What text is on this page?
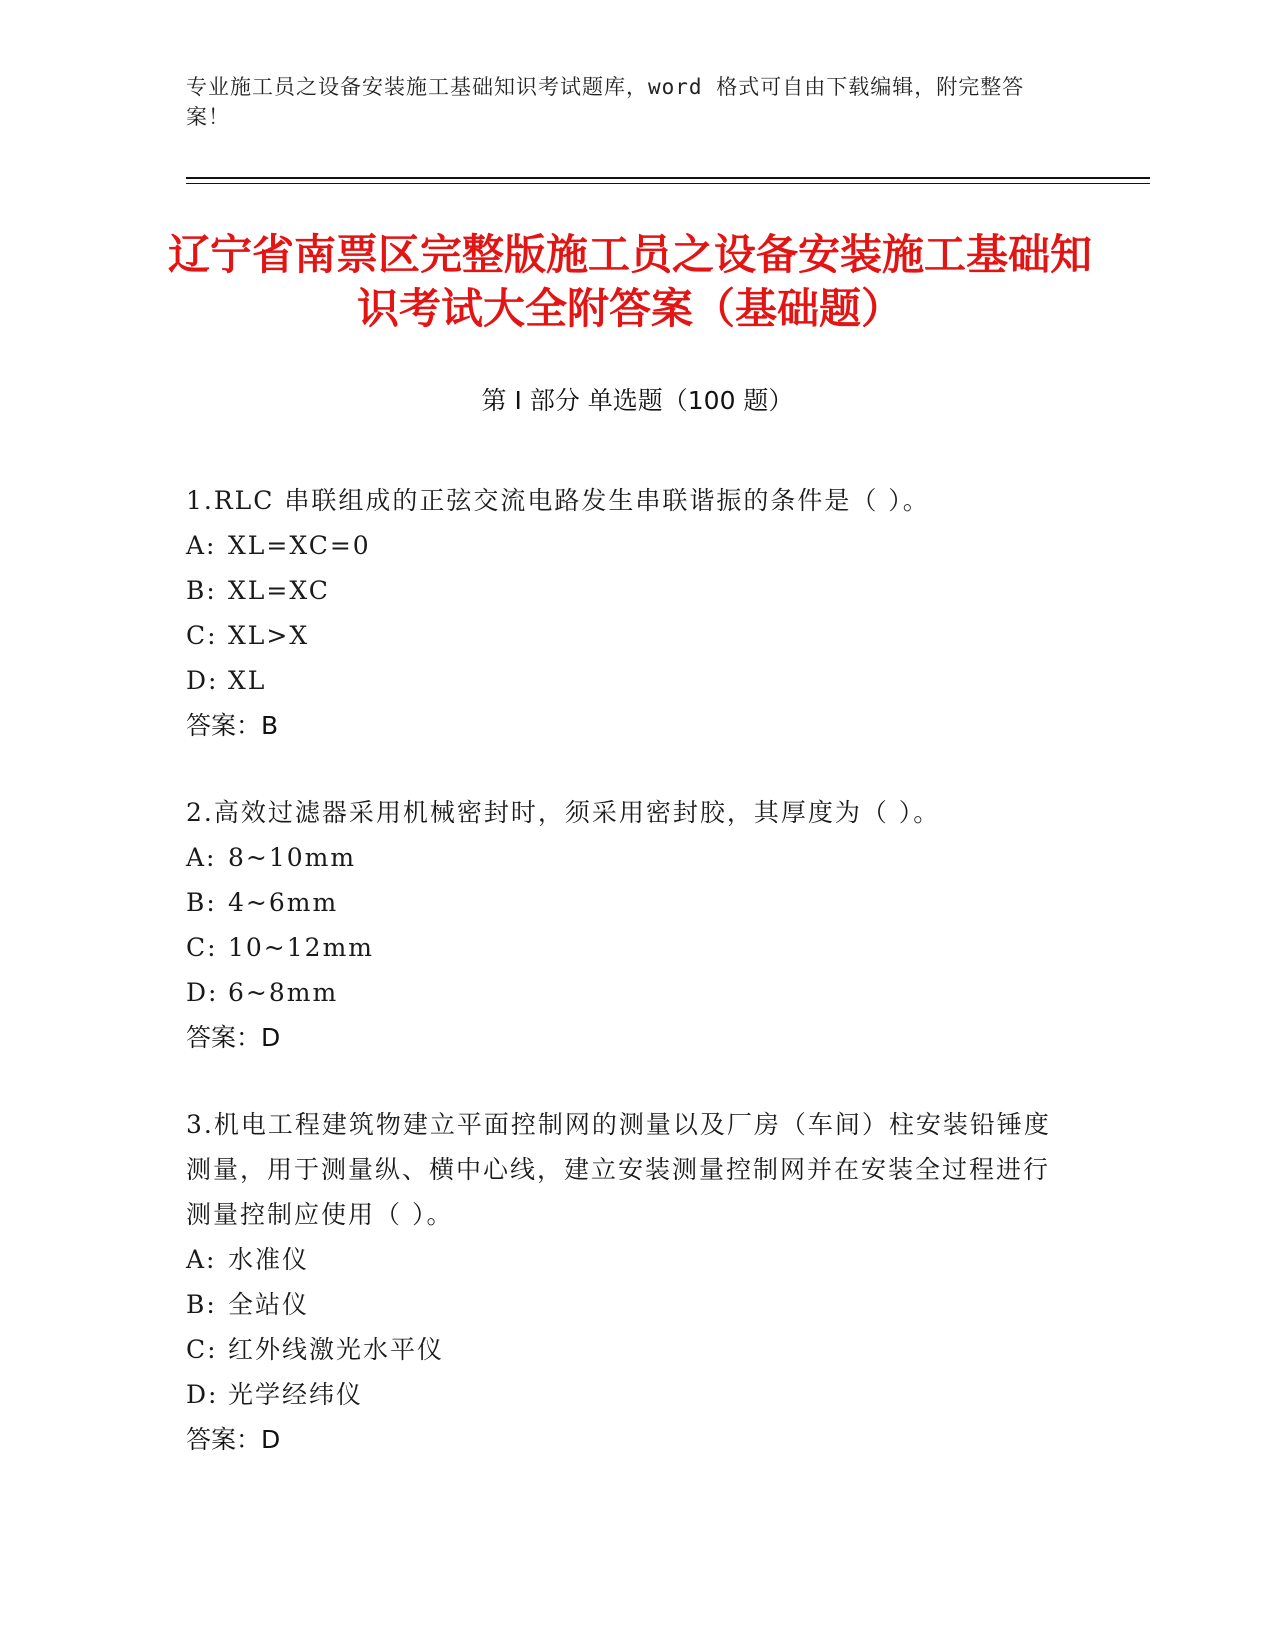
专业施工员之设备安装施工基础知识考试题库，word 格式可自由下载编辑，附完整答案！
辽宁省南票区完整版施工员之设备安装施工基础知识考试大全附答案（基础题）
第 I 部分 单选题（100 题）

1.RLC 串联组成的正弦交流电路发生串联谐振的条件是（ ）。

A: XL=XC=0

B: XL=XC

C: XL>X

D: XL

答案：B

2.高效过滤器采用机械密封时，须采用密封胶，其厚度为（ ）。

A: 8~10mm

B: 4~6mm

C: 10~12mm

D: 6~8mm

答案：D

3.机电工程建筑物建立平面控制网的测量以及厂房（车间）柱安装铅锤度测量，用于测量纵、横中心线，建立安装测量控制网并在安装全过程进行测量控制应使用（ ）。

A: 水准仪

B: 全站仪

C: 红外线激光水平仪

D: 光学经纬仪

答案：D
